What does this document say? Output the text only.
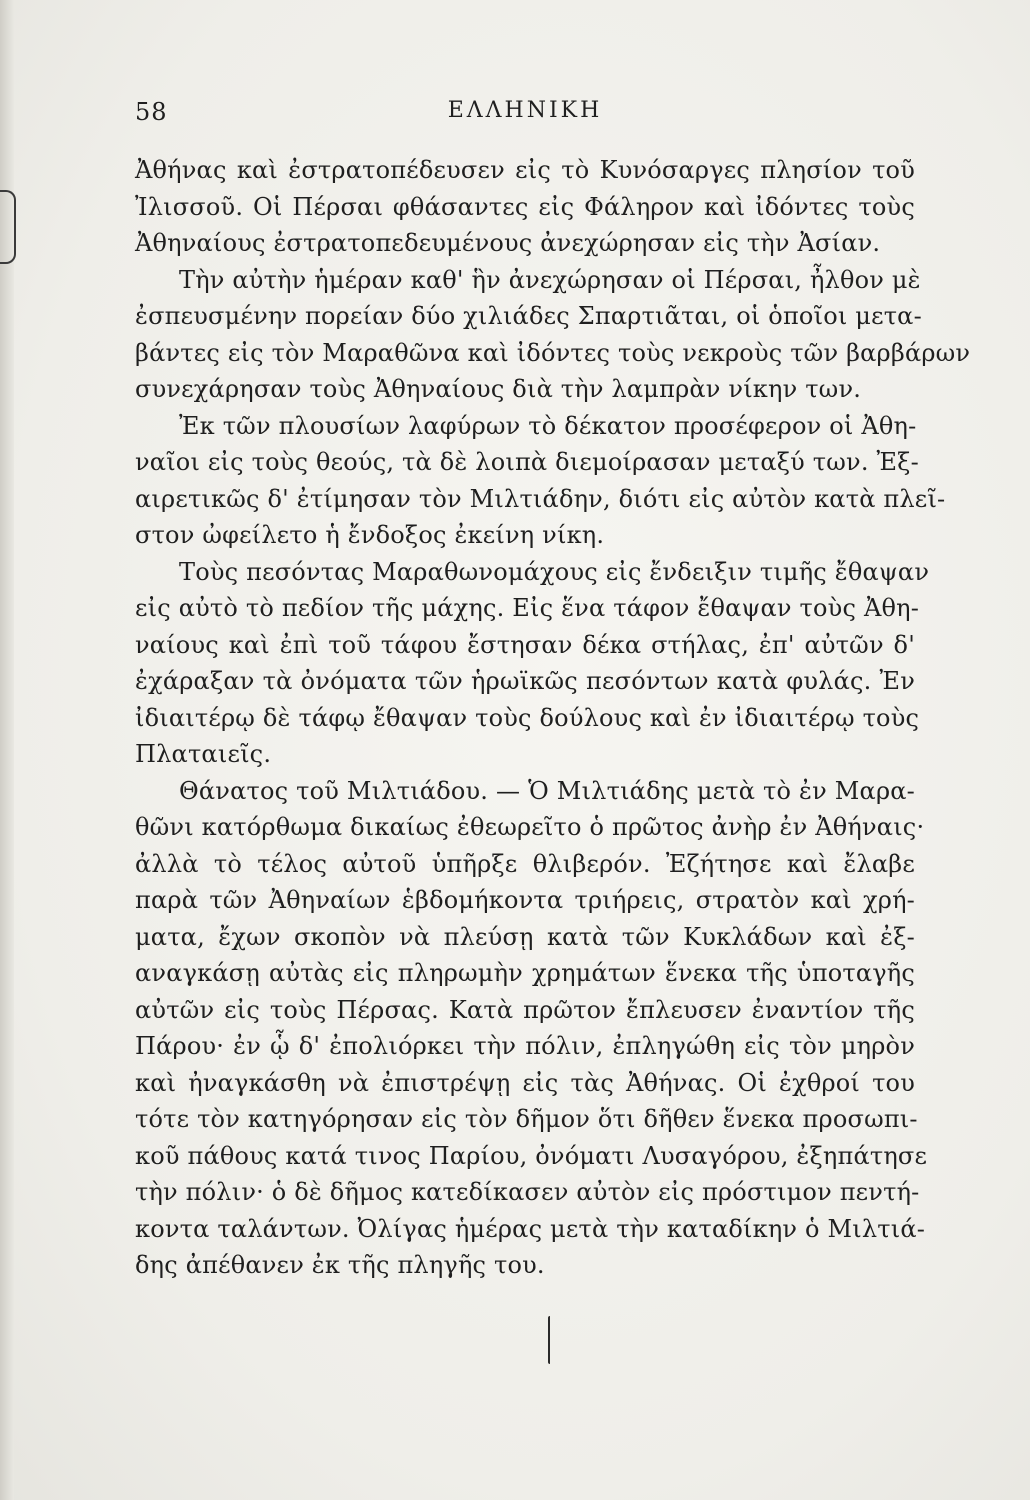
58	ΕΛΛΗΝΙΚΗ
Ἀθήνας καὶ ἐστρατοπέδευσεν εἰς τὸ Κυνόσαργες πλησίον τοῦ
Ἰλισσοῦ. Οἱ Πέρσαι φθάσαντες εἰς Φάληρον καὶ ἰδόντες τοὺς
Ἀθηναίους ἐστρατοπεδευμένους ἀνεχώρησαν εἰς τὴν Ἀσίαν.
Τὴν αὐτὴν ἡμέραν καθ' ἣν ἀνεχώρησαν οἱ Πέρσαι, ἦλθον μὲ
ἐσπευσμένην πορείαν δύο χιλιάδες Σπαρτιᾶται, οἱ ὁποῖοι μετα-
βάντες εἰς τὸν Μαραθῶνα καὶ ἰδόντες τοὺς νεκροὺς τῶν βαρβάρων
συνεχάρησαν τοὺς Ἀθηναίους διὰ τὴν λαμπρὰν νίκην των.
Ἐκ τῶν πλουσίων λαφύρων τὸ δέκατον προσέφερον οἱ Ἀθη-
ναῖοι εἰς τοὺς θεούς, τὰ δὲ λοιπὰ διεμοίρασαν μεταξύ των. Ἐξ-
αιρετικῶς δ' ἐτίμησαν τὸν Μιλτιάδην, διότι εἰς αὐτὸν κατὰ πλεῖ-
στον ὠφείλετο ἡ ἔνδοξος ἐκείνη νίκη.
Τοὺς πεσόντας Μαραθωνομάχους εἰς ἔνδειξιν τιμῆς ἔθαψαν
εἰς αὐτὸ τὸ πεδίον τῆς μάχης. Εἰς ἕνα τάφον ἔθαψαν τοὺς Ἀθη-
ναίους καὶ ἐπὶ τοῦ τάφου ἔστησαν δέκα στήλας, ἐπ' αὐτῶν δ'
ἐχάραξαν τὰ ὀνόματα τῶν ἡρωϊκῶς πεσόντων κατὰ φυλάς. Ἐν
ἰδιαιτέρῳ δὲ τάφῳ ἔθαψαν τοὺς δούλους καὶ ἐν ἰδιαιτέρῳ τοὺς
Πλαταιεῖς.
Θάνατος τοῦ Μιλτιάδου. — Ὁ Μιλτιάδης μετὰ τὸ ἐν Μαρα-
θῶνι κατόρθωμα δικαίως ἐθεωρεῖτο ὁ πρῶτος ἀνὴρ ἐν Ἀθήναις·
ἀλλὰ τὸ τέλος αὐτοῦ ὑπῆρξε θλιβερόν. Ἐζήτησε καὶ ἔλαβε
παρὰ τῶν Ἀθηναίων ἑβδομήκοντα τριήρεις, στρατὸν καὶ χρή-
ματα, ἔχων σκοπὸν νὰ πλεύσῃ κατὰ τῶν Κυκλάδων καὶ ἐξ-
αναγκάσῃ αὐτὰς εἰς πληρωμὴν χρημάτων ἕνεκα τῆς ὑποταγῆς
αὐτῶν εἰς τοὺς Πέρσας. Κατὰ πρῶτον ἔπλευσεν ἐναντίον τῆς
Πάρου· ἐν ᾧ δ' ἐπολιόρκει τὴν πόλιν, ἐπληγώθη εἰς τὸν μηρὸν
καὶ ἠναγκάσθη νὰ ἐπιστρέψῃ εἰς τὰς Ἀθήνας. Οἱ ἐχθροί του
τότε τὸν κατηγόρησαν εἰς τὸν δῆμον ὅτι δῆθεν ἕνεκα προσωπι-
κοῦ πάθους κατά τινος Παρίου, ὀνόματι Λυσαγόρου, ἐξηπάτησε
τὴν πόλιν· ὁ δὲ δῆμος κατεδίκασεν αὐτὸν εἰς πρόστιμον πεντή-
κοντα ταλάντων. Ὀλίγας ἡμέρας μετὰ τὴν καταδίκην ὁ Μιλτιά-
δης ἀπέθανεν ἐκ τῆς πληγῆς του.
